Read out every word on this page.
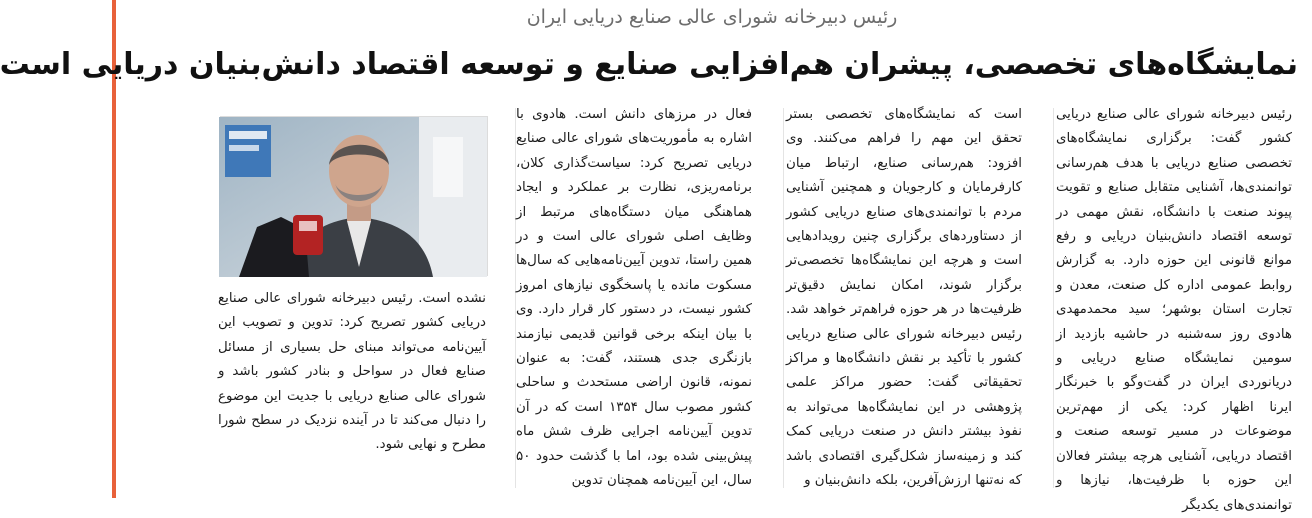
رئیس دبیرخانه شورای عالی صنایع دریایی ایران
نمایشگاه‌های تخصصی، پیشران هم‌افزایی صنایع و توسعه اقتصاد دانش‌بنیان دریایی است

رئیس دبیرخانه شورای عالی صنایع دریایی کشور گفت: برگزاری نمایشگاه‌های تخصصی صنایع دریایی با هدف هم‌رسانی توانمندی‌ها، آشنایی متقابل صنایع و تقویت پیوند صنعت با دانشگاه، نقش مهمی در توسعه اقتصاد دانش‌بنیان دریایی و رفع موانع قانونی این حوزه دارد. به گزارش روابط عمومی اداره کل صنعت، معدن و تجارت استان بوشهر؛ سید محمدمهدی هادوی روز سه‌شنبه در حاشیه بازدید از سومین نمایشگاه صنایع دریایی و دریانوردی ایران در گفت‌وگو با خبرنگار ایرنا اظهار کرد: یکی از مهم‌ترین موضوعات در مسیر توسعه صنعت و اقتصاد دریایی، آشنایی هرچه بیشتر فعالان این حوزه با ظرفیت‌ها، نیازها و توانمندی‌های یکدیگر

است که نمایشگاه‌های تخصصی بستر تحقق این مهم را فراهم می‌کنند. وی افزود: هم‌رسانی صنایع، ارتباط میان کارفرمایان و کارجویان و همچنین آشنایی مردم با توانمندی‌های صنایع دریایی کشور از دستاوردهای برگزاری چنین رویدادهایی است و هرچه این نمایشگاه‌ها تخصصی‌تر برگزار شوند، امکان نمایش دقیق‌تر ظرفیت‌ها در هر حوزه فراهم‌تر خواهد شد. رئیس دبیرخانه شورای عالی صنایع دریایی کشور با تأکید بر نقش دانشگاه‌ها و مراکز تحقیقاتی گفت: حضور مراکز علمی پژوهشی در این نمایشگاه‌ها می‌تواند به نفوذ بیشتر دانش در صنعت دریایی کمک کند و زمینه‌ساز شکل‌گیری اقتصادی باشد که نه‌تنها ارزش‌آفرین، بلکه دانش‌بنیان و

فعال در مرزهای دانش است. هادوی با اشاره به مأموریت‌های شورای عالی صنایع دریایی تصریح کرد: سیاست‌گذاری کلان، برنامه‌ریزی، نظارت بر عملکرد و ایجاد هماهنگی میان دستگاه‌های مرتبط از وظایف اصلی شورای عالی است و در همین راستا، تدوین آیین‌نامه‌هایی که سال‌ها مسکوت مانده یا پاسخگوی نیازهای امروز کشور نیست، در دستور کار قرار دارد. وی با بیان اینکه برخی قوانین قدیمی نیازمند بازنگری جدی هستند، گفت: به عنوان نمونه، قانون اراضی مستحدث و ساحلی کشور مصوب سال ۱۳۵۴ است که در آن تدوین آیین‌نامه اجرایی ظرف شش ماه پیش‌بینی شده بود، اما با گذشت حدود ۵۰ سال، این آیین‌نامه همچنان تدوین

نشده است. رئیس دبیرخانه شورای عالی صنایع دریایی کشور تصریح کرد: تدوین و تصویب این آیین‌نامه می‌تواند مبنای حل بسیاری از مسائل صنایع فعال در سواحل و بنادر کشور باشد و شورای عالی صنایع دریایی با جدیت این موضوع را دنبال می‌کند تا در آینده نزدیک در سطح شورا مطرح و نهایی شود.
